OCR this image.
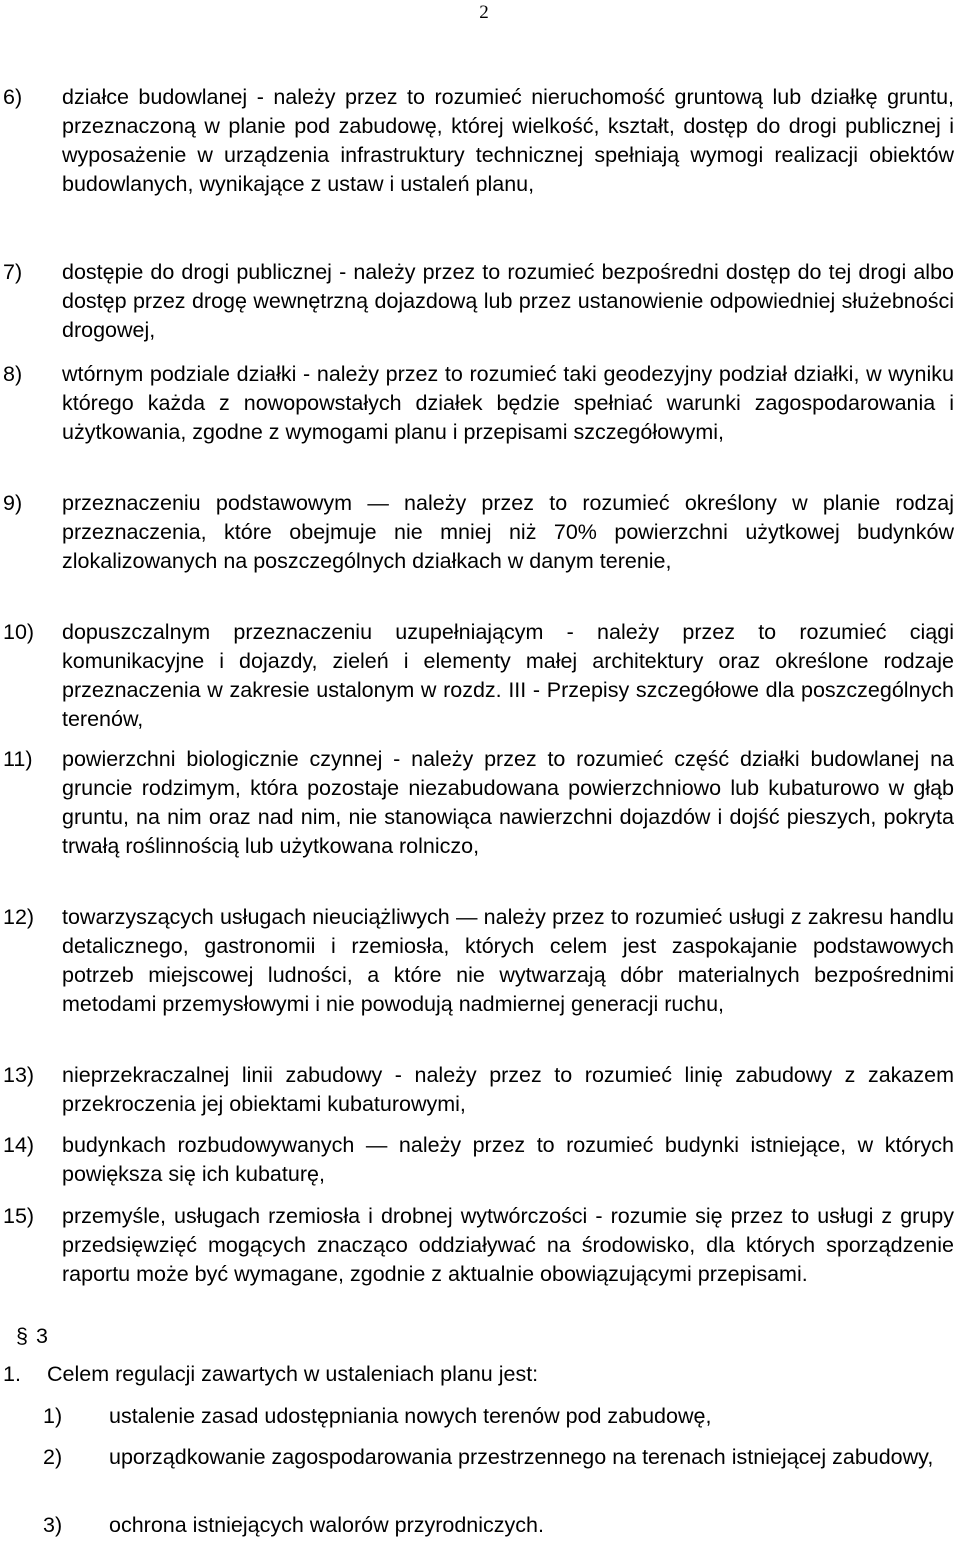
2
6) działce budowlanej - należy przez to rozumieć nieruchomość gruntową lub działkę gruntu, przeznaczoną w planie pod zabudowę, której wielkość, kształt, dostęp do drogi publicznej i wyposażenie w urządzenia infrastruktury technicznej spełniają wymogi realizacji obiektów budowlanych, wynikające z ustaw i ustaleń planu,
7) dostępie do drogi publicznej - należy przez to rozumieć bezpośredni dostęp do tej drogi albo dostęp przez drogę wewnętrzną dojazdową lub przez ustanowienie odpowiedniej służebności drogowej,
8) wtórnym podziale działki - należy przez to rozumieć taki geodezyjny podział działki, w wyniku którego każda z nowopowstałych działek będzie spełniać warunki zagospodarowania i użytkowania, zgodne z wymogami planu i przepisami szczegółowymi,
9) przeznaczeniu podstawowym — należy przez to rozumieć określony w planie rodzaj przeznaczenia, które obejmuje nie mniej niż 70% powierzchni użytkowej budynków zlokalizowanych na poszczególnych działkach w danym terenie,
10) dopuszczalnym przeznaczeniu uzupełniającym - należy przez to rozumieć ciągi komunikacyjne i dojazdy, zieleń i elementy małej architektury oraz określone rodzaje przeznaczenia w zakresie ustalonym w rozdz. III - Przepisy szczegółowe dla poszczególnych terenów,
11) powierzchni biologicznie czynnej - należy przez to rozumieć część działki budowlanej na gruncie rodzimym, która pozostaje niezabudowana powierzchniowo lub kubaturowo w głąb gruntu, na nim oraz nad nim, nie stanowiąca nawierzchni dojazdów i dojść pieszych, pokryta trwałą roślinnością lub użytkowana rolniczo,
12) towarzyszących usługach nieuciążliwych — należy przez to rozumieć usługi z zakresu handlu detalicznego, gastronomii i rzemiosła, których celem jest zaspokajanie podstawowych potrzeb miejscowej ludności, a które nie wytwarzają dóbr materialnych bezpośrednimi metodami przemysłowymi i nie powodują nadmiernej generacji ruchu,
13) nieprzekraczalnej linii zabudowy - należy przez to rozumieć linię zabudowy z zakazem przekroczenia jej obiektami kubaturowymi,
14) budynkach rozbudowywanych — należy przez to rozumieć budynki istniejące, w których powiększa się ich kubaturę,
15) przemyśle, usługach rzemiosła i drobnej wytwórczości - rozumie się przez to usługi z grupy przedsięwzięć mogących znacząco oddziaływać na środowisko, dla których sporządzenie raportu może być wymagane, zgodnie z aktualnie obowiązującymi przepisami.
§ 3
1. Celem regulacji zawartych w ustaleniach planu jest:
1) ustalenie zasad udostępniania nowych terenów pod zabudowę,
2) uporządkowanie zagospodarowania przestrzennego na terenach istniejącej zabudowy,
3) ochrona istniejących walorów przyrodniczych.
